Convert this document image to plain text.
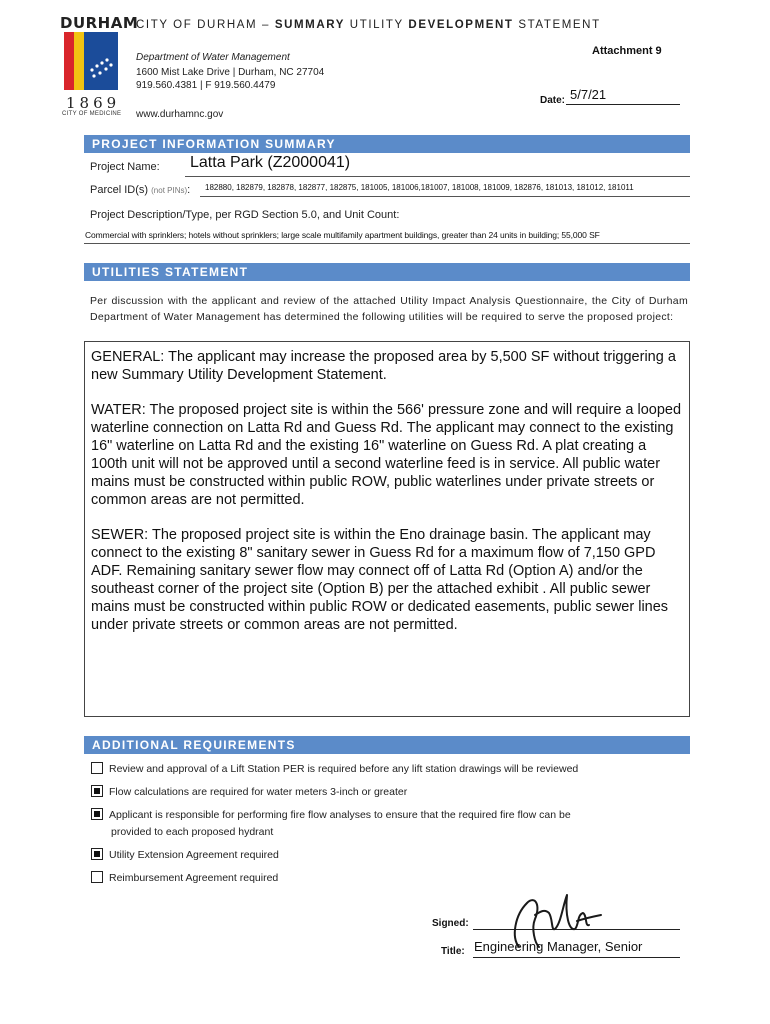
DURHAM
1869
CITY OF MEDICINE
CITY OF DURHAM – SUMMARY UTILITY DEVELOPMENT STATEMENT
Department of Water Management
1600 Mist Lake Drive | Durham, NC 27704
919.560.4381 | F 919.560.4479
www.durhamnc.gov
Attachment 9
Date: 5/7/21
PROJECT INFORMATION SUMMARY
Project Name: Latta Park (Z2000041)
Parcel ID(s) (not PINs): 182880, 182879, 182878, 182877, 182875, 181005, 181006,181007, 181008, 181009, 182876, 181013, 181012, 181011
Project Description/Type, per RGD Section 5.0, and Unit Count:
Commercial with sprinklers; hotels without sprinklers; large scale multifamily apartment buildings, greater than 24 units in building; 55,000 SF
UTILITIES STATEMENT
Per discussion with the applicant and review of the attached Utility Impact Analysis Questionnaire, the City of Durham Department of Water Management has determined the following utilities will be required to serve the proposed project:

GENERAL: The applicant may increase the proposed area by 5,500 SF without triggering a new Summary Utility Development Statement.

WATER: The proposed project site is within the 566' pressure zone and will require a looped waterline connection on Latta Rd and Guess Rd. The applicant may connect to the existing 16" waterline on Latta Rd and the existing 16" waterline on Guess Rd. A plat creating a 100th unit will not be approved until a second waterline feed is in service. All public water mains must be constructed within public ROW, public waterlines under private streets or common areas are not permitted.

SEWER: The proposed project site is within the Eno drainage basin. The applicant may connect to the existing 8" sanitary sewer in Guess Rd for a maximum flow of 7,150 GPD ADF. Remaining sanitary sewer flow may connect off of Latta Rd (Option A) and/or the southeast corner of the project site (Option B) per the attached exhibit . All public sewer mains must be constructed within public ROW or dedicated easements, public sewer lines under private streets or common areas are not permitted.

ADDITIONAL REQUIREMENTS
Review and approval of a Lift Station PER is required before any lift station drawings will be reviewed
Flow calculations are required for water meters 3-inch or greater
Applicant is responsible for performing fire flow analyses to ensure that the required fire flow can be
provided to each proposed hydrant
Utility Extension Agreement required
Reimbursement Agreement required
Signed:
Title: Engineering Manager, Senior
